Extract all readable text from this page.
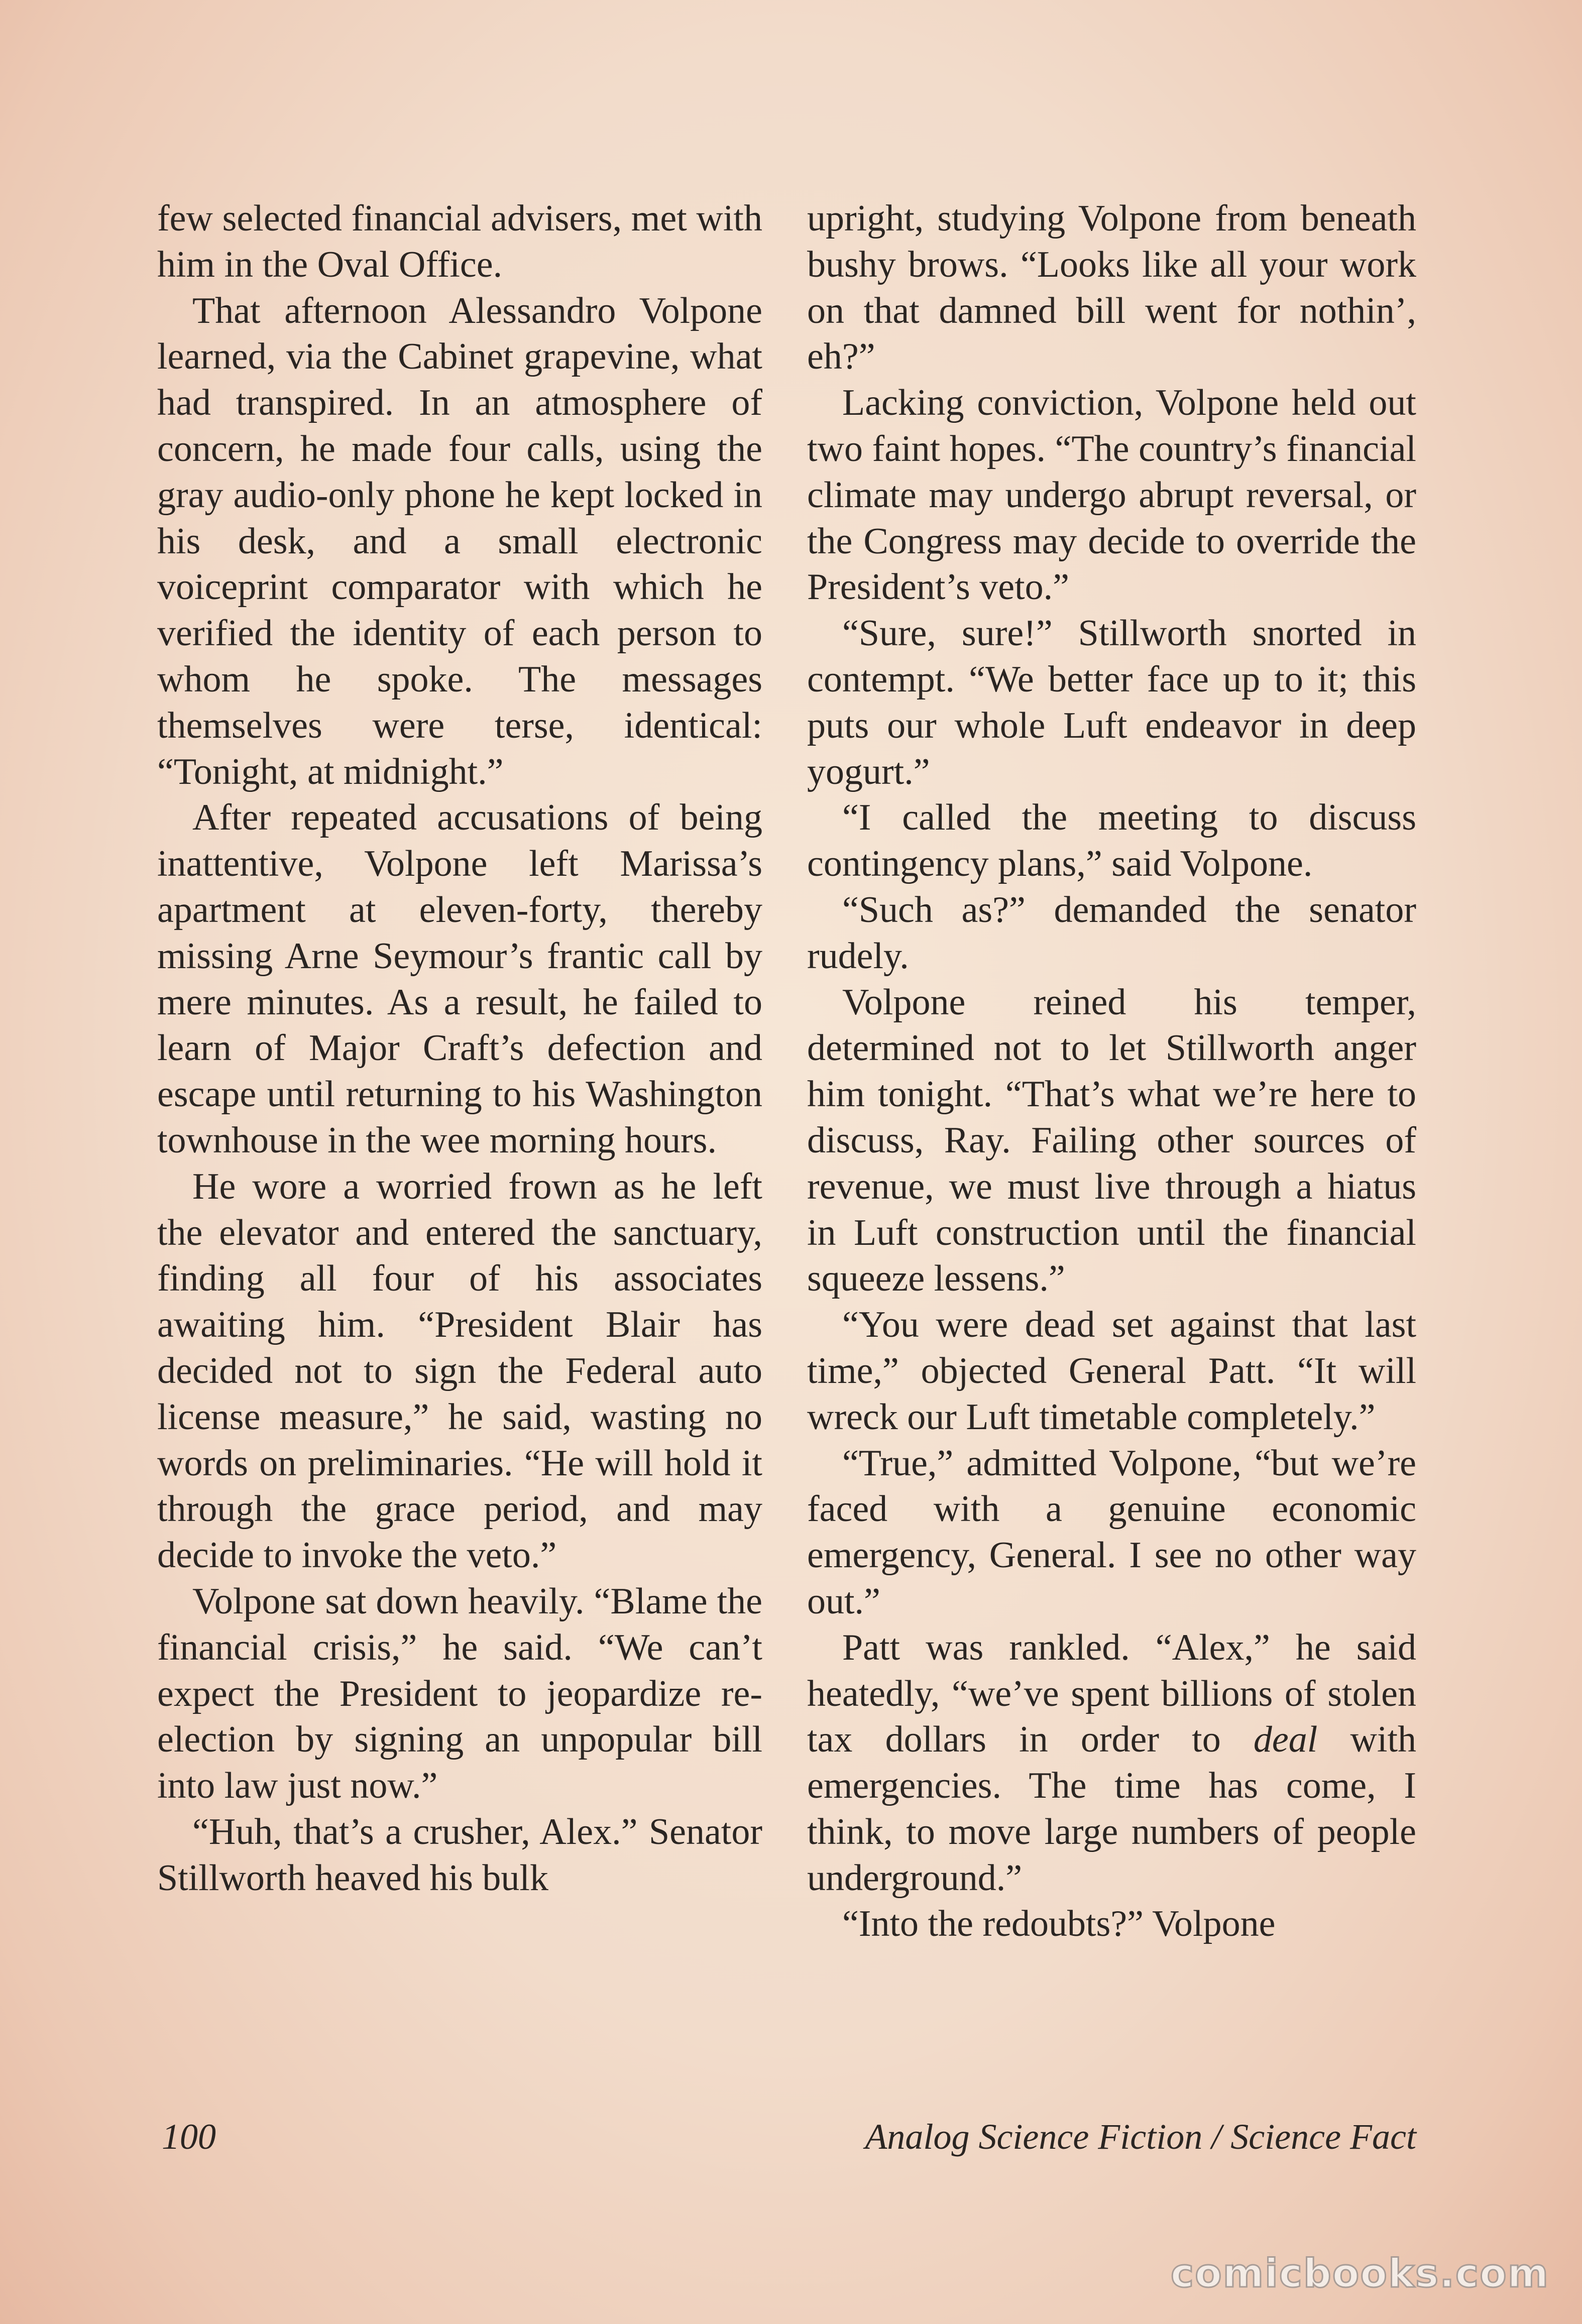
few selected financial advisers, met with him in the Oval Office.

That afternoon Alessandro Volpone learned, via the Cabinet grapevine, what had transpired. In an atmosphere of concern, he made four calls, using the gray audio-only phone he kept locked in his desk, and a small electronic voiceprint comparator with which he verified the identity of each person to whom he spoke. The messages themselves were terse, identical: “Tonight, at midnight.”

After repeated accusations of being inattentive, Volpone left Marissa’s apartment at eleven-forty, thereby missing Arne Seymour’s frantic call by mere minutes. As a result, he failed to learn of Major Craft’s defection and escape until returning to his Washington townhouse in the wee morning hours.

He wore a worried frown as he left the elevator and entered the sanctuary, finding all four of his associates awaiting him. “President Blair has decided not to sign the Federal auto license measure,” he said, wasting no words on preliminaries. “He will hold it through the grace period, and may decide to invoke the veto.”

Volpone sat down heavily. “Blame the financial crisis,” he said. “We can’t expect the President to jeopardize re-election by signing an unpopular bill into law just now.”

“Huh, that’s a crusher, Alex.” Senator Stillworth heaved his bulk

upright, studying Volpone from beneath bushy brows. “Looks like all your work on that damned bill went for nothin’, eh?”

Lacking conviction, Volpone held out two faint hopes. “The country’s financial climate may undergo abrupt reversal, or the Congress may decide to override the President’s veto.”

“Sure, sure!” Stillworth snorted in contempt. “We better face up to it; this puts our whole Luft endeavor in deep yogurt.”

“I called the meeting to discuss contingency plans,” said Volpone.

“Such as?” demanded the senator rudely.

Volpone reined his temper, determined not to let Stillworth anger him tonight. “That’s what we’re here to discuss, Ray. Failing other sources of revenue, we must live through a hiatus in Luft construction until the financial squeeze lessens.”

“You were dead set against that last time,” objected General Patt. “It will wreck our Luft timetable completely.”

“True,” admitted Volpone, “but we’re faced with a genuine economic emergency, General. I see no other way out.”

Patt was rankled. “Alex,” he said heatedly, “we’ve spent billions of stolen tax dollars in order to deal with emergencies. The time has come, I think, to move large numbers of people underground.”

“Into the redoubts?” Volpone

100	Analog Science Fiction / Science Fact
comicbooks.com
